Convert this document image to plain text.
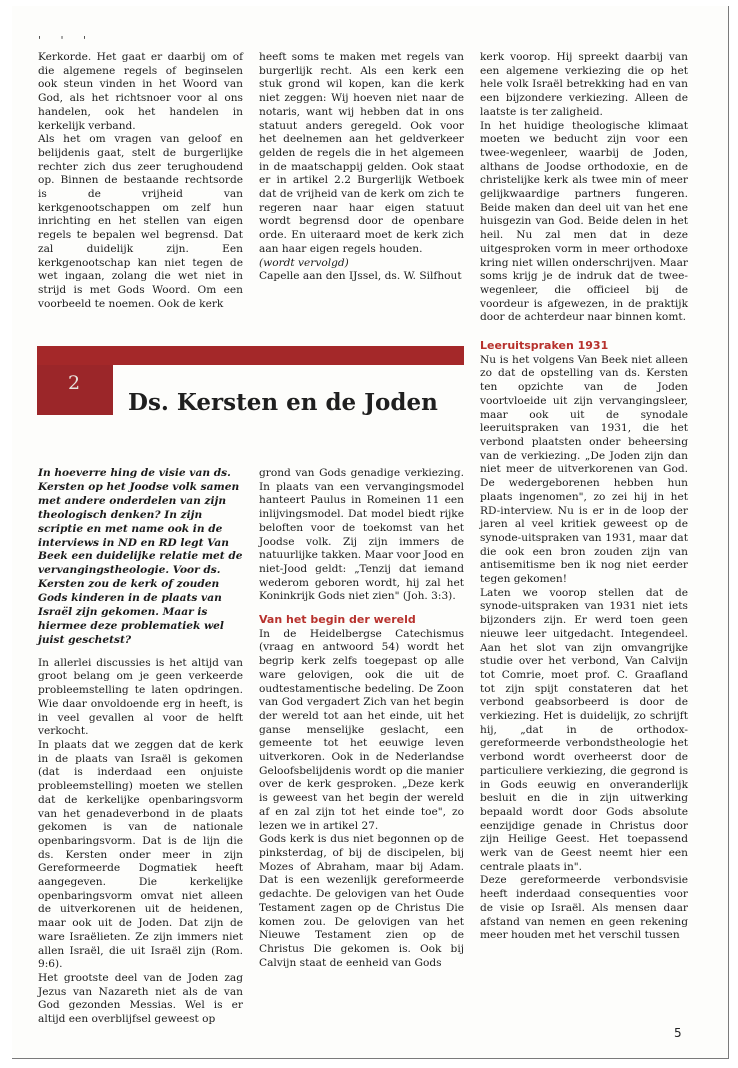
' ' '

Kerkorde. Het gaat er daarbij om of die algemene regels of beginselen ook steun vinden in het Woord van God, als het richtsnoer voor al ons handelen, ook het handelen in kerkelijk verband.

Als het om vragen van geloof en belijdenis gaat, stelt de burgerlijke rechter zich dus zeer terughoudend op. Binnen de bestaande rechtsorde is de vrijheid van kerkgenootschappen om zelf hun inrichting en het stellen van eigen regels te bepalen wel begrensd. Dat zal duidelijk zijn. Een kerkgenootschap kan niet tegen de wet ingaan, zolang die wet niet in strijd is met Gods Woord. Om een voorbeeld te noemen. Ook de kerk

heeft soms te maken met regels van burgerlijk recht. Als een kerk een stuk grond wil kopen, kan die kerk niet zeggen: Wij hoeven niet naar de notaris, want wij hebben dat in ons statuut anders geregeld. Ook voor het deelnemen aan het geldverkeer gelden de regels die in het algemeen in de maatschappij gelden. Ook staat er in artikel 2.2 Burgerlijk Wetboek dat de vrijheid van de kerk om zich te regeren naar haar eigen statuut wordt begrensd door de openbare orde. En uiteraard moet de kerk zich aan haar eigen regels houden.

(wordt vervolgd)

Capelle aan den IJssel, ds. W. Silfhout

2
Ds. Kersten en de Joden

In hoeverre hing de visie van ds. Kersten op het Joodse volk samen met andere onderdelen van zijn theologisch denken? In zijn scriptie en met name ook in de interviews in ND en RD legt Van Beek een duidelijke relatie met de vervangingstheologie. Voor ds. Kersten zou de kerk of zouden Gods kinderen in de plaats van Israël zijn gekomen. Maar is hiermee deze problematiek wel juist geschetst?

In allerlei discussies is het altijd van groot belang om je geen verkeerde probleemstelling te laten opdringen. Wie daar onvoldoende erg in heeft, is in veel gevallen al voor de helft verkocht.

In plaats dat we zeggen dat de kerk in de plaats van Israël is gekomen (dat is inderdaad een onjuiste probleemstelling) moeten we stellen dat de kerkelijke openbaringsvorm van het genadeverbond in de plaats gekomen is van de nationale openbaringsvorm. Dat is de lijn die ds. Kersten onder meer in zijn Gereformeerde Dogmatiek heeft aangegeven. Die kerkelijke openbaringsvorm omvat niet alleen de uitverkorenen uit de heidenen, maar ook uit de Joden. Dat zijn de ware Israëlieten. Ze zijn immers niet allen Israël, die uit Israël zijn (Rom. 9:6).

Het grootste deel van de Joden zag Jezus van Nazareth niet als de van God gezonden Messias. Wel is er altijd een overblijfsel geweest op

grond van Gods genadige verkiezing. In plaats van een vervangingsmodel hanteert Paulus in Romeinen 11 een inlijvingsmodel. Dat model biedt rijke beloften voor de toekomst van het Joodse volk. Zij zijn immers de natuurlijke takken. Maar voor Jood en niet-Jood geldt: „Tenzij dat iemand wederom geboren wordt, hij zal het Koninkrijk Gods niet zien" (Joh. 3:3).

Van het begin der wereld

In de Heidelbergse Catechismus (vraag en antwoord 54) wordt het begrip kerk zelfs toegepast op alle ware gelovigen, ook die uit de oudtestamentische bedeling. De Zoon van God vergadert Zich van het begin der wereld tot aan het einde, uit het ganse menselijke geslacht, een gemeente tot het eeuwige leven uitverkoren. Ook in de Nederlandse Geloofsbelijdenis wordt op die manier over de kerk gesproken. „Deze kerk is geweest van het begin der wereld af en zal zijn tot het einde toe", zo lezen we in artikel 27.

Gods kerk is dus niet begonnen op de pinksterdag, of bij de discipelen, bij Mozes of Abraham, maar bij Adam. Dat is een wezenlijk gereformeerde gedachte. De gelovigen van het Oude Testament zagen op de Christus Die komen zou. De gelovigen van het Nieuwe Testament zien op de Christus Die gekomen is. Ook bij Calvijn staat de eenheid van Gods

kerk voorop. Hij spreekt daarbij van een algemene verkiezing die op het hele volk Israël betrekking had en van een bijzondere verkiezing. Alleen de laatste is ter zaligheid.

In het huidige theologische klimaat moeten we beducht zijn voor een twee-wegenleer, waarbij de Joden, althans de Joodse orthodoxie, en de christelijke kerk als twee min of meer gelijkwaardige partners fungeren. Beide maken dan deel uit van het ene huisgezin van God. Beide delen in het heil. Nu zal men dat in deze uitgesproken vorm in meer orthodoxe kring niet willen onderschrijven. Maar soms krijg je de indruk dat de twee-wegenleer, die officieel bij de voordeur is afgewezen, in de praktijk door de achterdeur naar binnen komt.

Leeruitspraken 1931

Nu is het volgens Van Beek niet alleen zo dat de opstelling van ds. Kersten ten opzichte van de Joden voortvloeide uit zijn vervangingsleer, maar ook uit de synodale leeruitspraken van 1931, die het verbond plaatsten onder beheersing van de verkiezing. „De Joden zijn dan niet meer de uitverkorenen van God. De wedergeborenen hebben hun plaats ingenomen", zo zei hij in het RD-interview. Nu is er in de loop der jaren al veel kritiek geweest op de synode-uitspraken van 1931, maar dat die ook een bron zouden zijn van antisemitisme ben ik nog niet eerder tegen gekomen!

Laten we voorop stellen dat de synode-uitspraken van 1931 niet iets bijzonders zijn. Er werd toen geen nieuwe leer uitgedacht. Integendeel. Aan het slot van zijn omvangrijke studie over het verbond, Van Calvijn tot Comrie, moet prof. C. Graafland tot zijn spijt constateren dat het verbond geabsorbeerd is door de verkiezing. Het is duidelijk, zo schrijft hij, „dat in de orthodox-gereformeerde verbondstheologie het verbond wordt overheerst door de particuliere verkiezing, die gegrond is in Gods eeuwig en onveranderlijk besluit en die in zijn uitwerking bepaald wordt door Gods absolute eenzijdige genade in Christus door zijn Heilige Geest. Het toepassend werk van de Geest neemt hier een centrale plaats in".

Deze gereformeerde verbondsvisie heeft inderdaad consequenties voor de visie op Israël. Als mensen daar afstand van nemen en geen rekening meer houden met het verschil tussen

5
